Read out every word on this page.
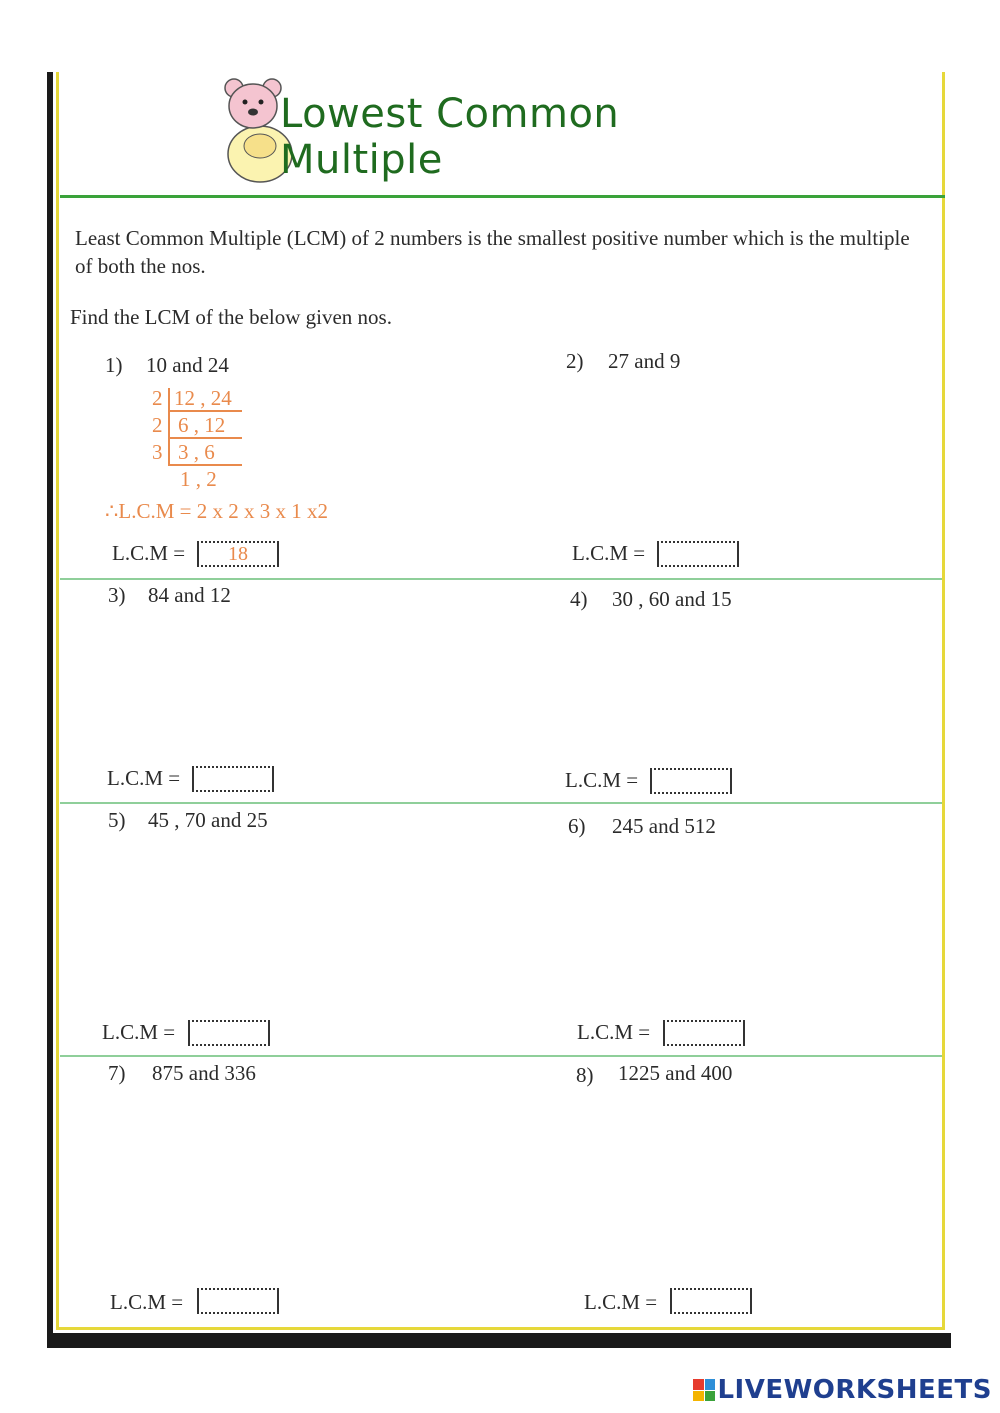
Lowest Common Multiple
Least Common Multiple (LCM) of 2 numbers is the smallest positive number which is the multiple of both the nos.
Find the LCM of the below given nos.
1) 10 and 24
2 12 , 24
2 6 , 12
3 3 , 6
1 , 2
∴L.C.M = 2 x 2 x 3 x 1 x2
L.C.M =	18
2) 27 and 9
L.C.M =
3) 84 and 12
L.C.M =
4) 30 , 60 and 15
L.C.M =
5) 45 , 70 and 25
L.C.M =
6) 245 and 512
L.C.M =
7) 875 and 336
L.C.M =
8) 1225 and 400
L.C.M =
LIVEWORKSHEETS
